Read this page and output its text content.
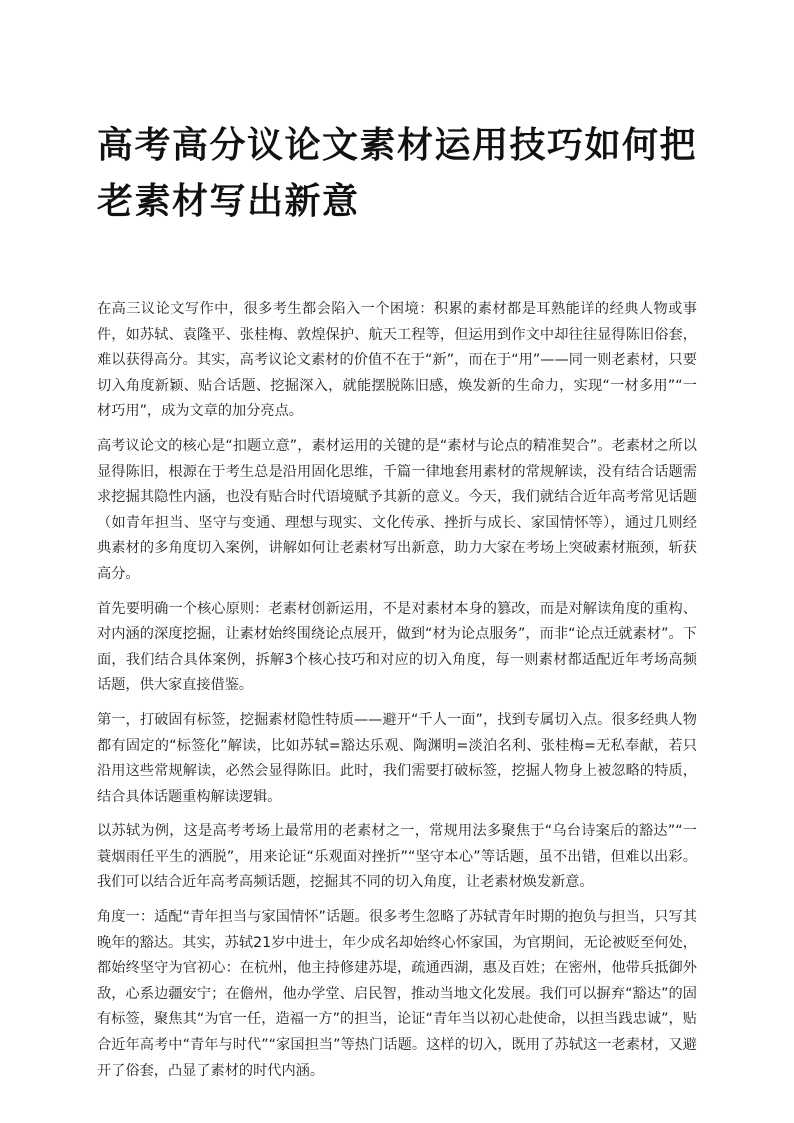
高考高分议论文素材运用技巧如何把老素材写出新意

在高三议论文写作中，很多考生都会陷入一个困境：积累的素材都是耳熟能详的经典人物或事件，如苏轼、袁隆平、张桂梅、敦煌保护、航天工程等，但运用到作文中却往往显得陈旧俗套，难以获得高分。其实，高考议论文素材的价值不在于“新”，而在于“用”——同一则老素材，只要切入角度新颖、贴合话题、挖掘深入，就能摆脱陈旧感，焕发新的生命力，实现“一材多用”“一材巧用”，成为文章的加分亮点。

高考议论文的核心是“扣题立意”，素材运用的关键的是“素材与论点的精准契合”。老素材之所以显得陈旧，根源在于考生总是沿用固化思维，千篇一律地套用素材的常规解读，没有结合话题需求挖掘其隐性内涵，也没有贴合时代语境赋予其新的意义。今天，我们就结合近年高考常见话题（如青年担当、坚守与变通、理想与现实、文化传承、挫折与成长、家国情怀等），通过几则经典素材的多角度切入案例，讲解如何让老素材写出新意，助力大家在考场上突破素材瓶颈，斩获高分。

首先要明确一个核心原则：老素材创新运用，不是对素材本身的篡改，而是对解读角度的重构、对内涵的深度挖掘，让素材始终围绕论点展开，做到“材为论点服务”，而非“论点迁就素材”。下面，我们结合具体案例，拆解3个核心技巧和对应的切入角度，每一则素材都适配近年考场高频话题，供大家直接借鉴。

第一，打破固有标签，挖掘素材隐性特质——避开“千人一面”，找到专属切入点。很多经典人物都有固定的“标签化”解读，比如苏轼=豁达乐观、陶渊明=淡泊名利、张桂梅=无私奉献，若只沿用这些常规解读，必然会显得陈旧。此时，我们需要打破标签，挖掘人物身上被忽略的特质，结合具体话题重构解读逻辑。

以苏轼为例，这是高考考场上最常用的老素材之一，常规用法多聚焦于“乌台诗案后的豁达”“一蓑烟雨任平生的洒脱”，用来论证“乐观面对挫折”“坚守本心”等话题，虽不出错，但难以出彩。我们可以结合近年高考高频话题，挖掘其不同的切入角度，让老素材焕发新意。

角度一：适配“青年担当与家国情怀”话题。很多考生忽略了苏轼青年时期的抱负与担当，只写其晚年的豁达。其实，苏轼21岁中进士，年少成名却始终心怀家国，为官期间，无论被贬至何处，都始终坚守为官初心：在杭州，他主持修建苏堤，疏通西湖，惠及百姓；在密州，他带兵抵御外敌，心系边疆安宁；在儋州，他办学堂、启民智，推动当地文化发展。我们可以摒弃“豁达”的固有标签，聚焦其“为官一任，造福一方”的担当，论证“青年当以初心赴使命，以担当践忠诚”，贴合近年高考中“青年与时代”“家国担当”等热门话题。这样的切入，既用了苏轼这一老素材，又避开了俗套，凸显了素材的时代内涵。
